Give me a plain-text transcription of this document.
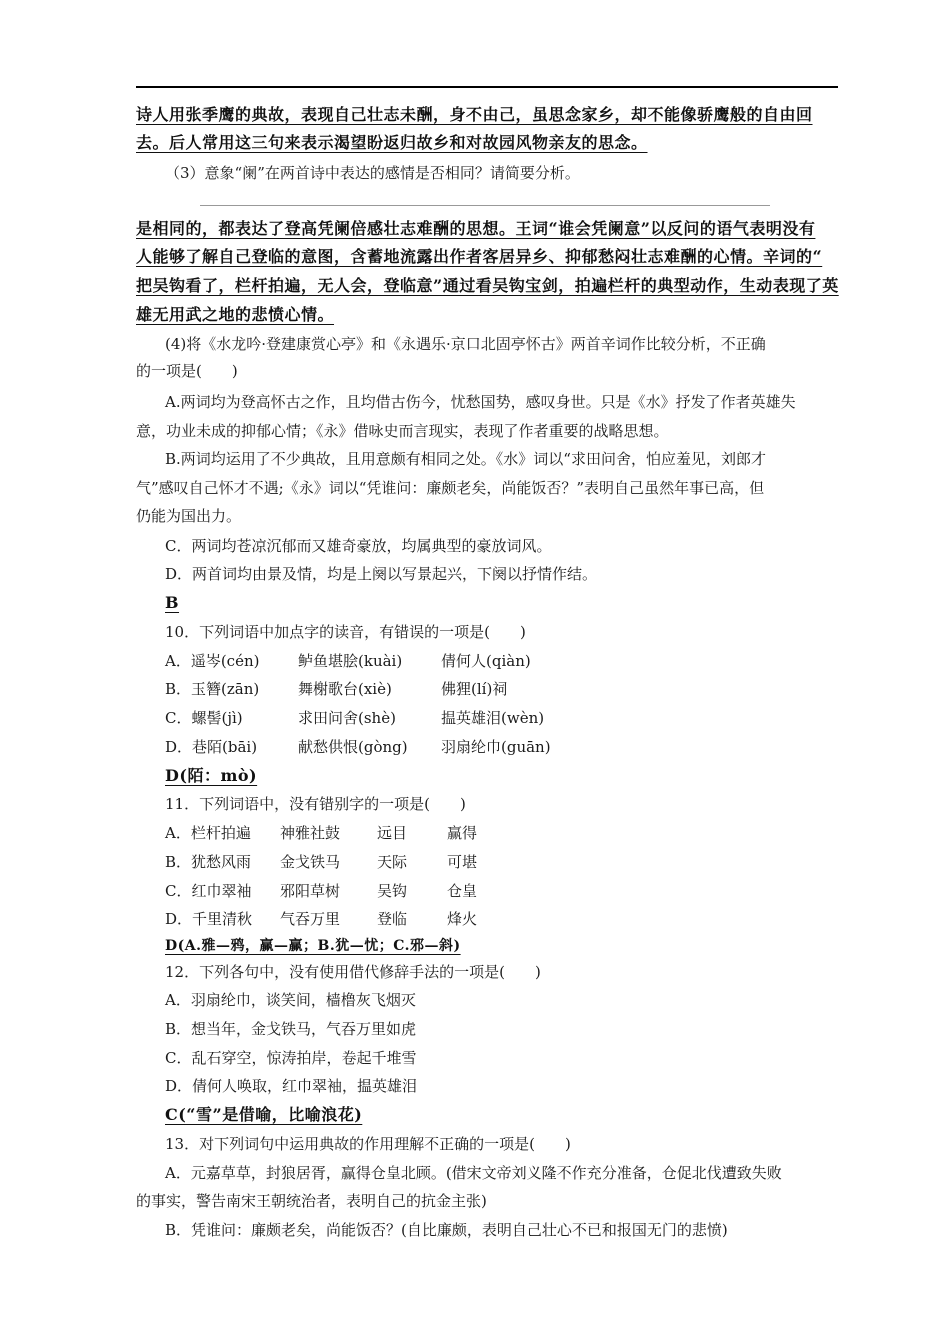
诗人用张季鹰的典故，表现自己壮志未酬，身不由己，虽思念家乡，却不能像骄鹰般的自由回
去。后人常用这三句来表示渴望盼返归故乡和对故园风物亲友的思念。
（3）意象“阑”在两首诗中表达的感情是否相同？请简要分析。
是相同的，都表达了登高凭阑倍感壮志难酬的思想。王词“谁会凭阑意”以反问的语气表明没有
人能够了解自己登临的意图，含蓄地流露出作者客居异乡、抑郁愁闷壮志难酬的心情。辛词的“
把吴钩看了，栏杆拍遍，无人会，登临意”通过看吴钩宝剑，拍遍栏杆的典型动作，生动表现了英
雄无用武之地的悲愤心情。
(4)将《水龙吟·登建康赏心亭》和《永遇乐·京口北固亭怀古》两首辛词作比较分析，不正确
的一项是(　　)
A.两词均为登高怀古之作，且均借古伤今，忧愁国势，感叹身世。只是《水》抒发了作者英雄失
意，功业未成的抑郁心情；《永》借咏史而言现实，表现了作者重要的战略思想。
B.两词均运用了不少典故，且用意颇有相同之处。《水》词以“求田问舍，怕应羞见，刘郎才
气”感叹自己怀才不遇;《永》词以“凭谁问：廉颇老矣，尚能饭否？”表明自己虽然年事已高，但
仍能为国出力。
C．两词均苍凉沉郁而又雄奇豪放，均属典型的豪放词风。
D．两首词均由景及情，均是上阕以写景起兴，下阕以抒情作结。
B
10．下列词语中加点字的读音，有错误的一项是(　　)
A．遥岑(cén)	鲈鱼堪脍(kuài)	倩何人(qiàn)
B．玉簪(zān)	舞榭歌台(xiè)	佛狸(lí)祠
C．螺髻(jì)	求田问舍(shè)	揾英雄泪(wèn)
D．巷陌(bāi)	献愁供恨(gòng) 羽扇纶巾(guān)
D(陌：mò)
11．下列词语中，没有错别字的一项是(　　)
A．栏杆拍遍 神雅社鼓 远目	赢得
B．犹愁风雨 金戈铁马 天际	可堪
C．红巾翠袖 邪阳草树 吴钩	仓皇
D．千里清秋 气吞万里 登临	烽火
D(A.雅—鸦，赢—赢；B.犹—忧；C.邪—斜)
12．下列各句中，没有使用借代修辞手法的一项是(　　)
A．羽扇纶巾，谈笑间，樯橹灰飞烟灭
B．想当年，金戈铁马，气吞万里如虎
C．乱石穿空，惊涛拍岸，卷起千堆雪
D．倩何人唤取，红巾翠袖，揾英雄泪
C(“雪”是借喻，比喻浪花)
13．对下列词句中运用典故的作用理解不正确的一项是(　　)
A．元嘉草草，封狼居胥，赢得仓皇北顾。(借宋文帝刘义隆不作充分准备，仓促北伐遭致失败
的事实，警告南宋王朝统治者，表明自己的抗金主张)
B．凭谁问：廉颇老矣，尚能饭否？(自比廉颇，表明自己壮心不已和报国无门的悲愤)
